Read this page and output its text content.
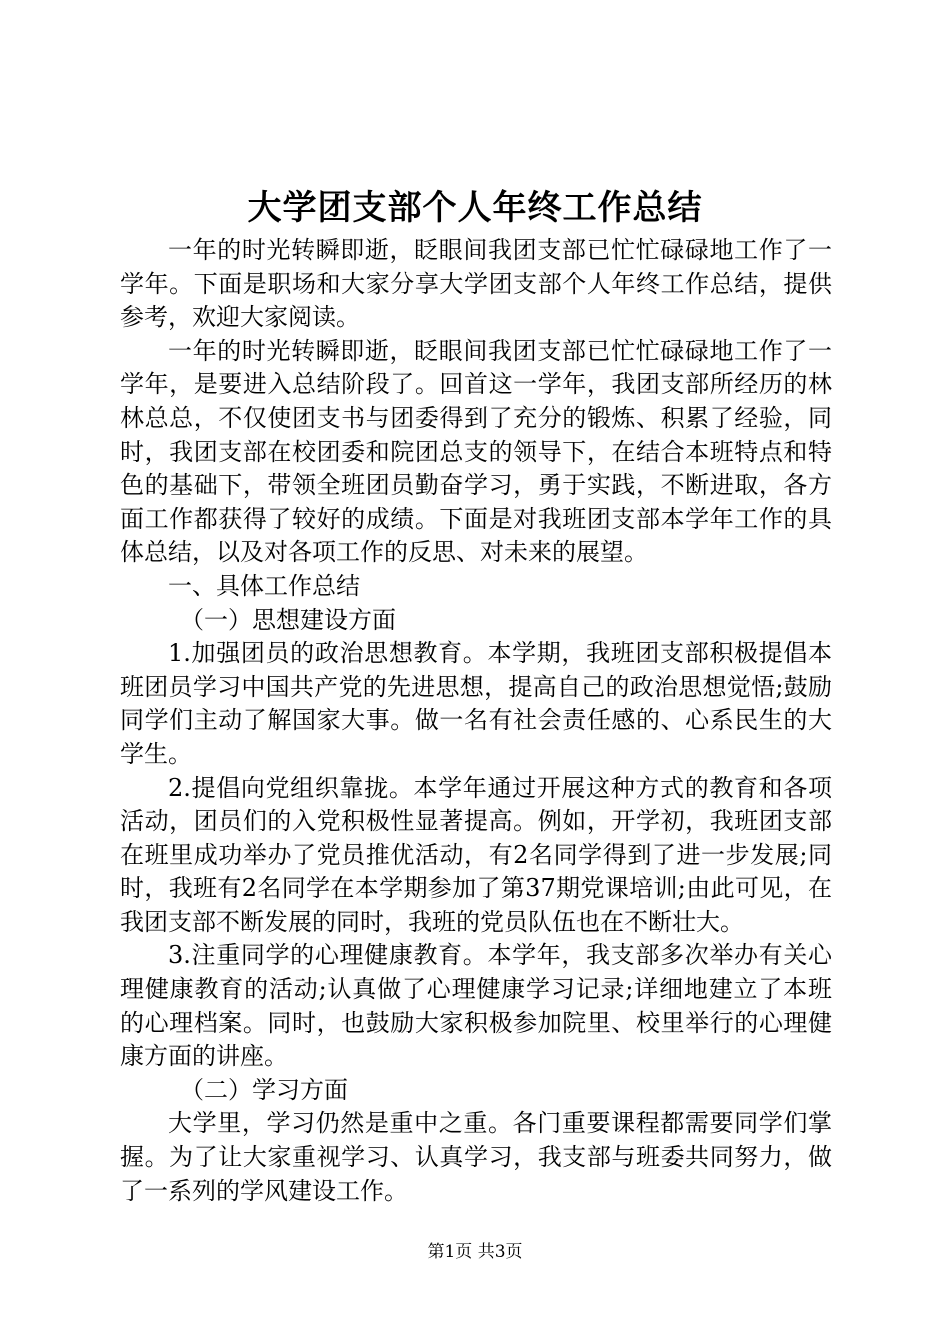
大学团支部个人年终工作总结

一年的时光转瞬即逝，眨眼间我团支部已忙忙碌碌地工作了一学年。下面是职场和大家分享大学团支部个人年终工作总结，提供参考，欢迎大家阅读。

一年的时光转瞬即逝，眨眼间我团支部已忙忙碌碌地工作了一学年，是要进入总结阶段了。回首这一学年，我团支部所经历的林林总总，不仅使团支书与团委得到了充分的锻炼、积累了经验，同时，我团支部在校团委和院团总支的领导下，在结合本班特点和特色的基础下，带领全班团员勤奋学习，勇于实践，不断进取，各方面工作都获得了较好的成绩。下面是对我班团支部本学年工作的具体总结，以及对各项工作的反思、对未来的展望。

一、具体工作总结

（一）思想建设方面

1.加强团员的政治思想教育。本学期，我班团支部积极提倡本班团员学习中国共产党的先进思想，提高自己的政治思想觉悟;鼓励同学们主动了解国家大事。做一名有社会责任感的、心系民生的大学生。

2.提倡向党组织靠拢。本学年通过开展这种方式的教育和各项活动，团员们的入党积极性显著提高。例如，开学初，我班团支部在班里成功举办了党员推优活动，有2名同学得到了进一步发展;同时，我班有2名同学在本学期参加了第37期党课培训;由此可见，在我团支部不断发展的同时，我班的党员队伍也在不断壮大。

3.注重同学的心理健康教育。本学年，我支部多次举办有关心理健康教育的活动;认真做了心理健康学习记录;详细地建立了本班的心理档案。同时，也鼓励大家积极参加院里、校里举行的心理健康方面的讲座。

（二）学习方面

大学里，学习仍然是重中之重。各门重要课程都需要同学们掌握。为了让大家重视学习、认真学习，我支部与班委共同努力，做了一系列的学风建设工作。

第1页 共3页
